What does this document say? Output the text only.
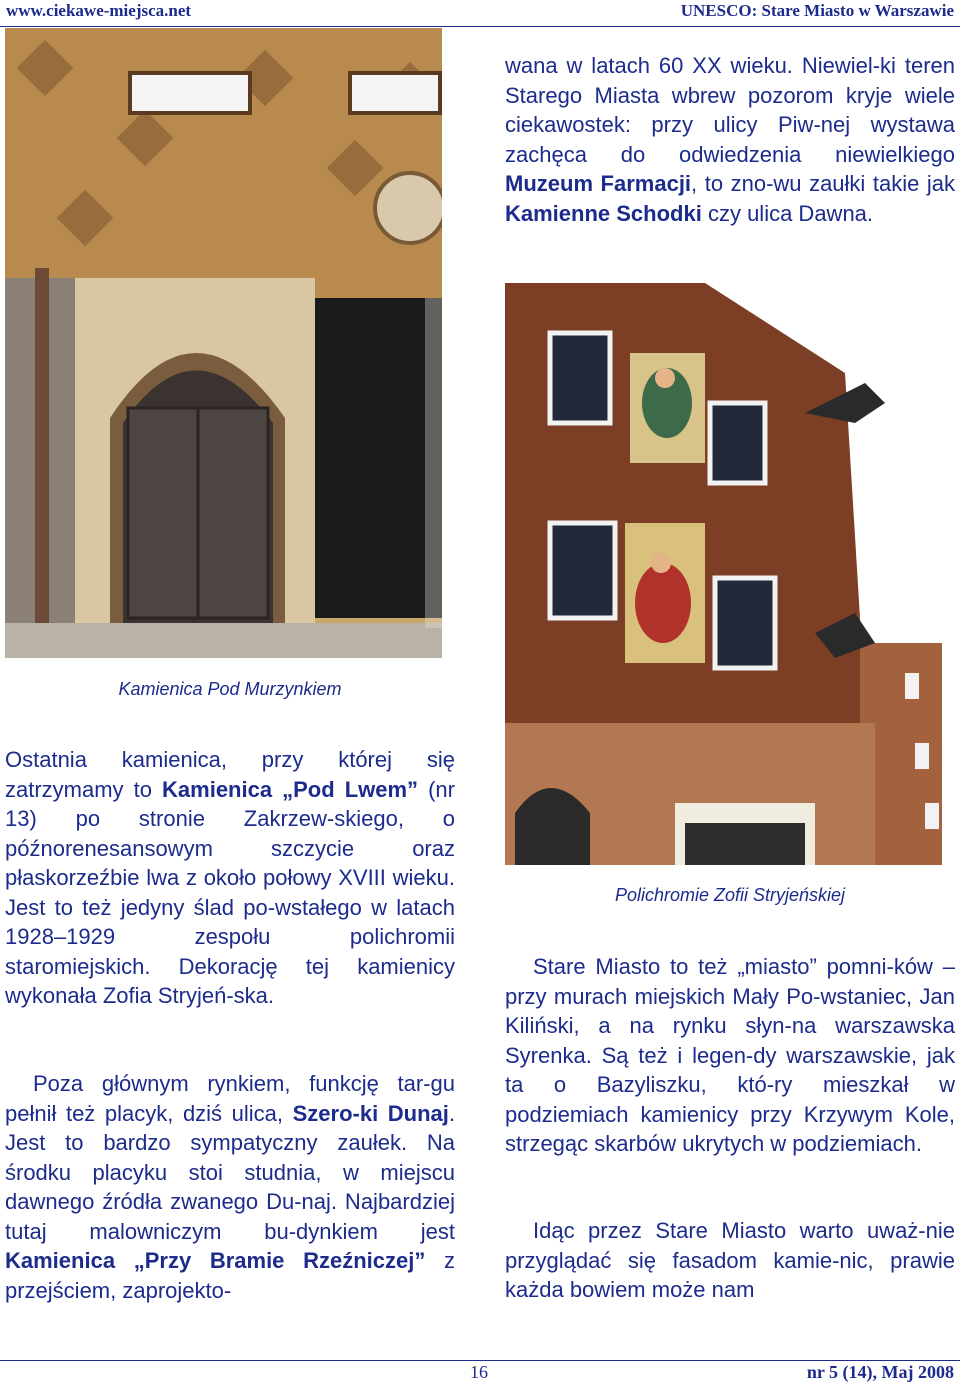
www.ciekawe-miejsca.net	UNESCO: Stare Miasto w Warszawie

wana w latach 60 XX wieku. Niewiel-ki teren Starego Miasta wbrew pozorom kryje wiele ciekawostek: przy ulicy Piw-nej wystawa zachęca do odwiedzenia niewielkiego Muzeum Farmacji, to zno-wu zaułki takie jak Kamienne Schodki czy ulica Dawna.

Kamienica Pod Murzynkiem
Polichromie Zofii Stryjeńskiej

Ostatnia kamienica, przy której się zatrzymamy to Kamienica „Pod Lwem” (nr 13) po stronie Zakrzew-skiego, o późnorenesansowym szczycie oraz płaskorzeźbie lwa z około połowy XVIII wieku. Jest to też jedyny ślad po-wstałego w latach 1928–1929 zespołu polichromii staromiejskich. Dekorację tej kamienicy wykonała Zofia Stryjeń-ska.

Poza głównym rynkiem, funkcję tar-gu pełnił też placyk, dziś ulica, Szero-ki Dunaj. Jest to bardzo sympatyczny zaułek. Na środku placyku stoi studnia, w miejscu dawnego źródła zwanego Du-naj. Najbardziej tutaj malowniczym bu-dynkiem jest Kamienica „Przy Bramie Rzeźniczej” z przejściem, zaprojekto-

Stare Miasto to też „miasto” pomni-ków – przy murach miejskich Mały Po-wstaniec, Jan Kiliński, a na rynku słyn-na warszawska Syrenka. Są też i legen-dy warszawskie, jak ta o Bazyliszku, któ-ry mieszkał w podziemiach kamienicy przy Krzywym Kole, strzegąc skarbów ukrytych w podziemiach.

Idąc przez Stare Miasto warto uważ-nie przyglądać się fasadom kamie-nic, prawie każda bowiem może nam

16	nr 5 (14), Maj 2008
